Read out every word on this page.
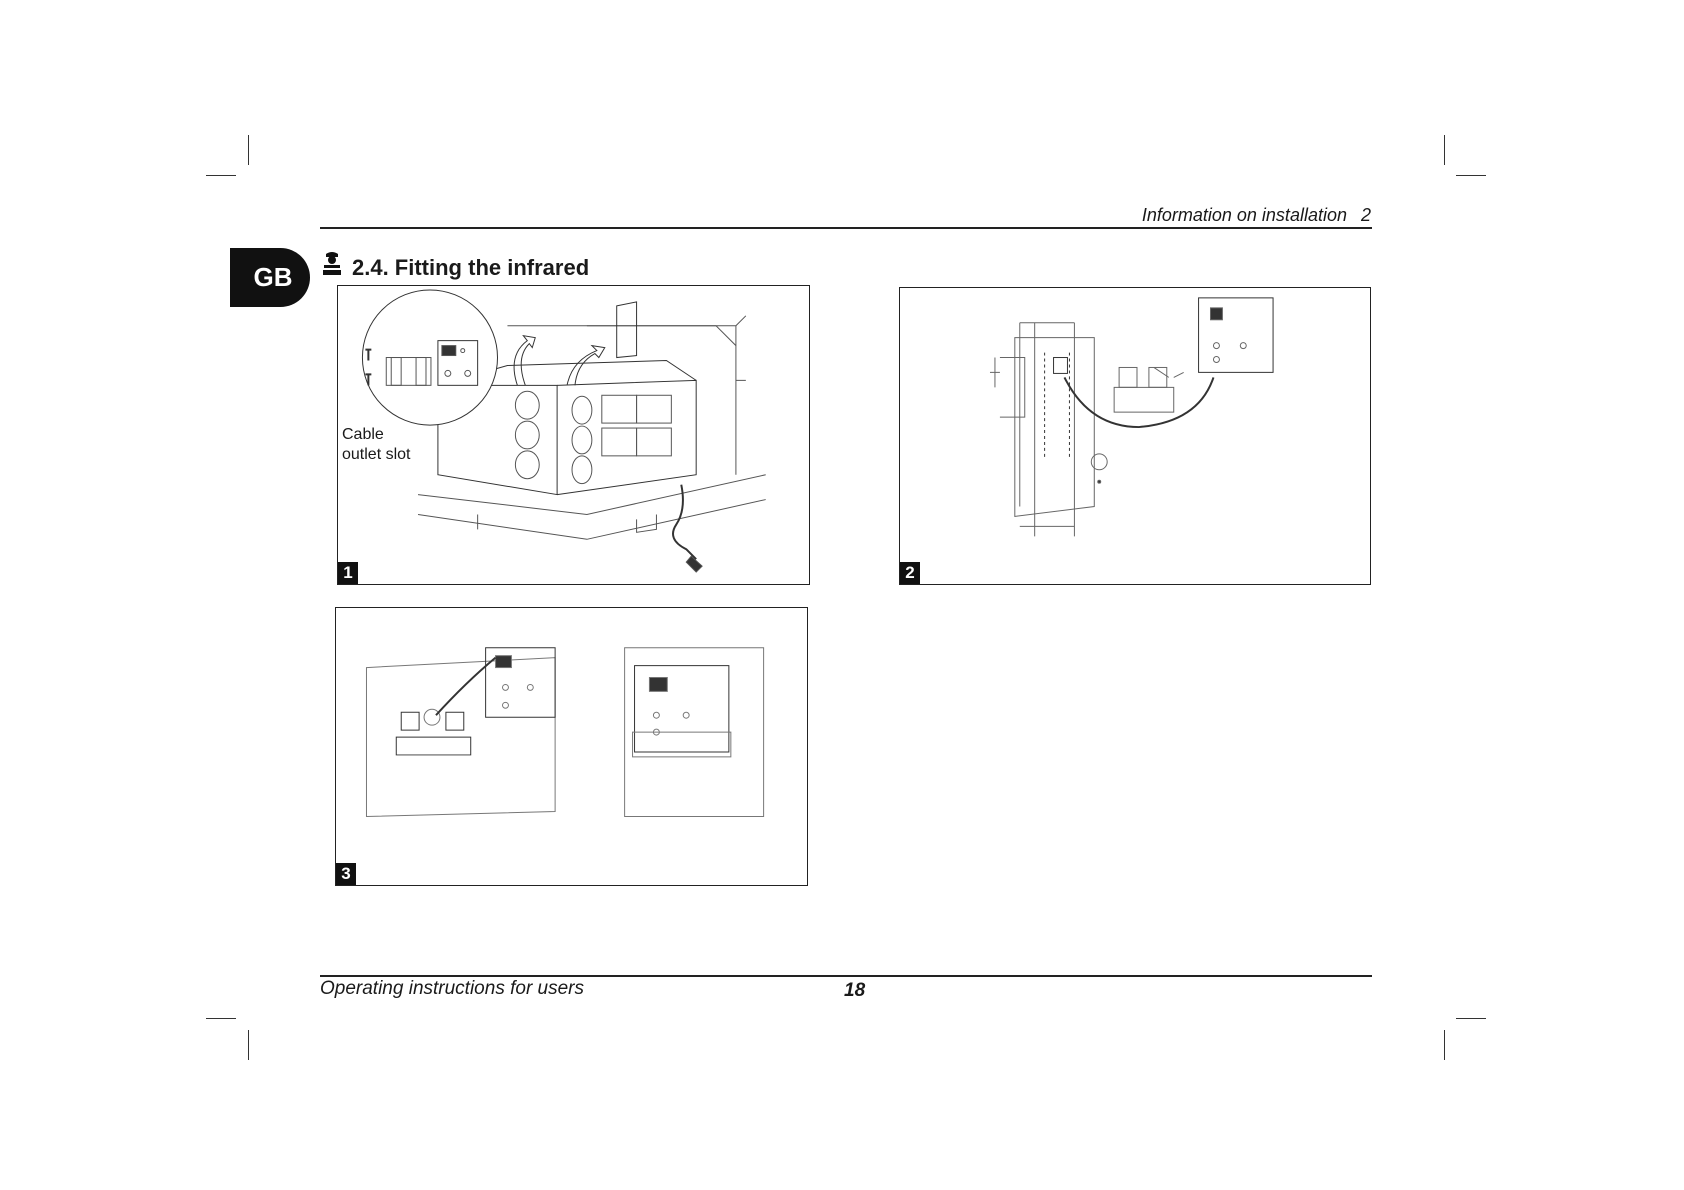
Information on installation 2
GB	2.4. Fitting the infrared
1
Cable
outlet slot
2
3
Operating instructions for users	18
